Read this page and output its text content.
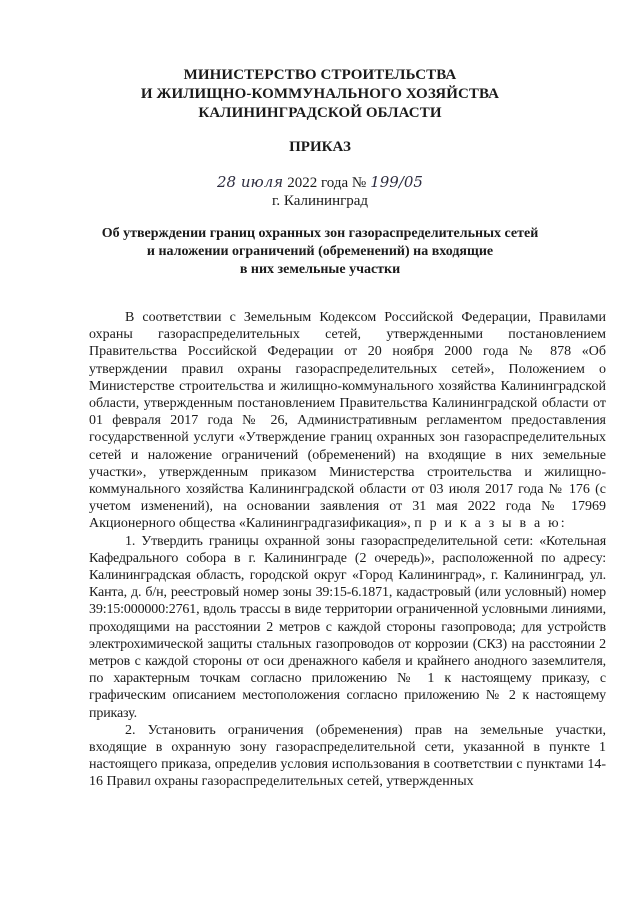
МИНИСТЕРСТВО СТРОИТЕЛЬСТВА
И ЖИЛИЩНО-КОММУНАЛЬНОГО ХОЗЯЙСТВА
КАЛИНИНГРАДСКОЙ ОБЛАСТИ
ПРИКАЗ
28 июля 2022 года № 199/05
г. Калининград
Об утверждении границ охранных зон газораспределительных сетей
и наложении ограничений (обременений) на входящие
в них земельные участки

В соответствии с Земельным Кодексом Российской Федерации, Правилами охраны газораспределительных сетей, утвержденными постановлением Правительства Российской Федерации от 20 ноября 2000 года № 878 «Об утверждении правил охраны газораспределительных сетей», Положением о Министерстве строительства и жилищно-коммунального хозяйства Калининградской области, утвержденным постановлением Правительства Калининградской области от 01 февраля 2017 года № 26, Административным регламентом предоставления государственной услуги «Утверждение границ охранных зон газораспределительных сетей и наложение ограничений (обременений) на входящие в них земельные участки», утвержденным приказом Министерства строительства и жилищно-коммунального хозяйства Калининградской области от 03 июля 2017 года № 176 (с учетом изменений), на основании заявления от 31 мая 2022 года № 17969 Акционерного общества «Калининградгазификация», п р и к а з ы в а ю:

1. Утвердить границы охранной зоны газораспределительной сети: «Котельная Кафедрального собора в г. Калининграде (2 очередь)», расположенной по адресу: Калининградская область, городской округ «Город Калининград», г. Калининград, ул. Канта, д. б/н, реестровый номер зоны 39:15-6.1871, кадастровый (или условный) номер 39:15:000000:2761, вдоль трассы в виде территории ограниченной условными линиями, проходящими на расстоянии 2 метров с каждой стороны газопровода; для устройств электрохимической защиты стальных газопроводов от коррозии (СКЗ) на расстоянии 2 метров с каждой стороны от оси дренажного кабеля и крайнего анодного заземлителя, по характерным точкам согласно приложению № 1 к настоящему приказу, с графическим описанием местоположения согласно приложению № 2 к настоящему приказу.

2. Установить ограничения (обременения) прав на земельные участки, входящие в охранную зону газораспределительной сети, указанной в пункте 1 настоящего приказа, определив условия использования в соответствии с пунктами 14-16 Правил охраны газораспределительных сетей, утвержденных
